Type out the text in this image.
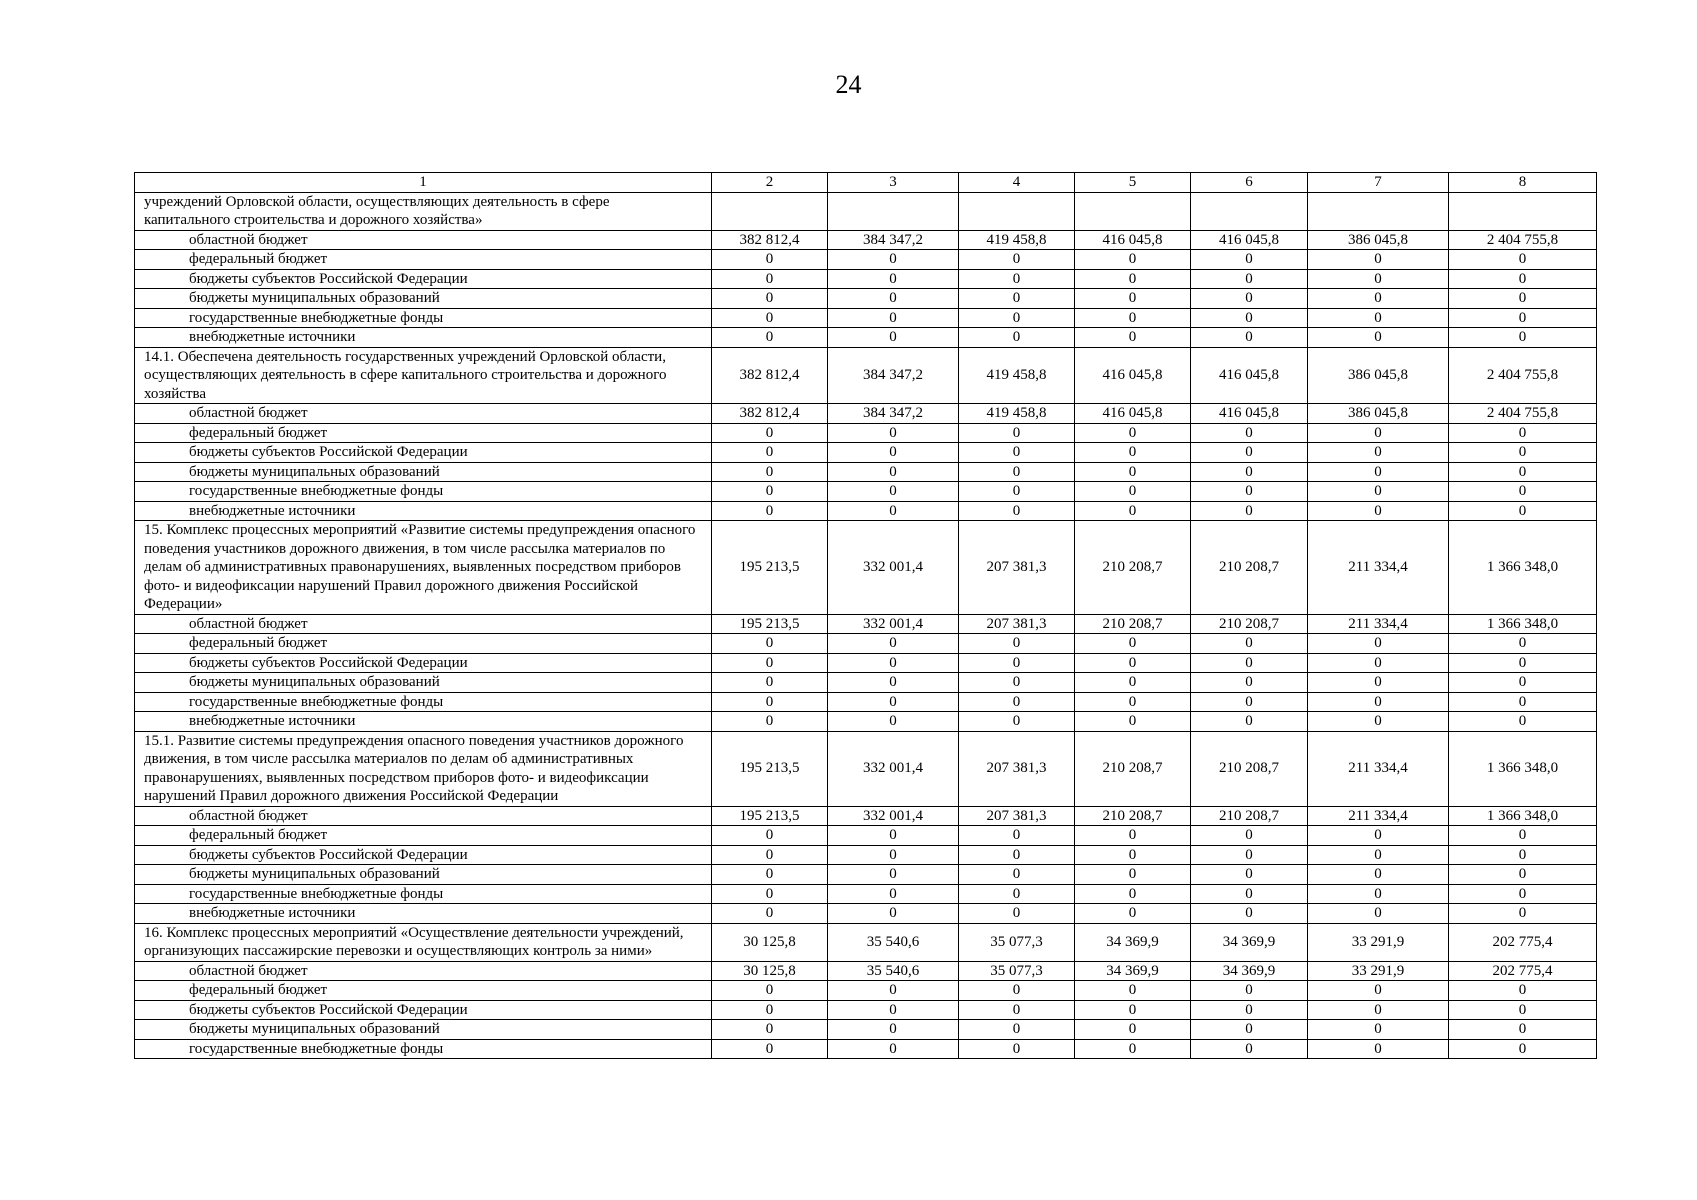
24
1	2	3	4	5	6	7	8
учреждений Орловской области, осуществляющих деятельность в сфере капитального строительства и дорожного хозяйства»							
областной бюджет	382 812,4	384 347,2	419 458,8	416 045,8	416 045,8	386 045,8	2 404 755,8
федеральный бюджет	0	0	0	0	0	0	0
бюджеты субъектов Российской Федерации	0	0	0	0	0	0	0
бюджеты муниципальных образований	0	0	0	0	0	0	0
государственные внебюджетные фонды	0	0	0	0	0	0	0
внебюджетные источники	0	0	0	0	0	0	0
14.1. Обеспечена деятельность государственных учреждений Орловской области, осуществляющих деятельность в сфере капитального строительства и дорожного хозяйства	382 812,4	384 347,2	419 458,8	416 045,8	416 045,8	386 045,8	2 404 755,8
областной бюджет	382 812,4	384 347,2	419 458,8	416 045,8	416 045,8	386 045,8	2 404 755,8
федеральный бюджет	0	0	0	0	0	0	0
бюджеты субъектов Российской Федерации	0	0	0	0	0	0	0
бюджеты муниципальных образований	0	0	0	0	0	0	0
государственные внебюджетные фонды	0	0	0	0	0	0	0
внебюджетные источники	0	0	0	0	0	0	0
15. Комплекс процессных мероприятий «Развитие системы предупреждения опасного поведения участников дорожного движения, в том числе рассылка материалов по делам об административных правонарушениях, выявленных посредством приборов фото- и видеофиксации нарушений Правил дорожного движения Российской Федерации»	195 213,5	332 001,4	207 381,3	210 208,7	210 208,7	211 334,4	1 366 348,0
областной бюджет	195 213,5	332 001,4	207 381,3	210 208,7	210 208,7	211 334,4	1 366 348,0
федеральный бюджет	0	0	0	0	0	0	0
бюджеты субъектов Российской Федерации	0	0	0	0	0	0	0
бюджеты муниципальных образований	0	0	0	0	0	0	0
государственные внебюджетные фонды	0	0	0	0	0	0	0
внебюджетные источники	0	0	0	0	0	0	0
15.1. Развитие системы предупреждения опасного поведения участников дорожного движения, в том числе рассылка материалов по делам об административных правонарушениях, выявленных посредством приборов фото- и видеофиксации нарушений Правил дорожного движения Российской Федерации	195 213,5	332 001,4	207 381,3	210 208,7	210 208,7	211 334,4	1 366 348,0
областной бюджет	195 213,5	332 001,4	207 381,3	210 208,7	210 208,7	211 334,4	1 366 348,0
федеральный бюджет	0	0	0	0	0	0	0
бюджеты субъектов Российской Федерации	0	0	0	0	0	0	0
бюджеты муниципальных образований	0	0	0	0	0	0	0
государственные внебюджетные фонды	0	0	0	0	0	0	0
внебюджетные источники	0	0	0	0	0	0	0
16. Комплекс процессных мероприятий «Осуществление деятельности учреждений, организующих пассажирские перевозки и осуществляющих контроль за ними»	30 125,8	35 540,6	35 077,3	34 369,9	34 369,9	33 291,9	202 775,4
областной бюджет	30 125,8	35 540,6	35 077,3	34 369,9	34 369,9	33 291,9	202 775,4
федеральный бюджет	0	0	0	0	0	0	0
бюджеты субъектов Российской Федерации	0	0	0	0	0	0	0
бюджеты муниципальных образований	0	0	0	0	0	0	0
государственные внебюджетные фонды	0	0	0	0	0	0	0
